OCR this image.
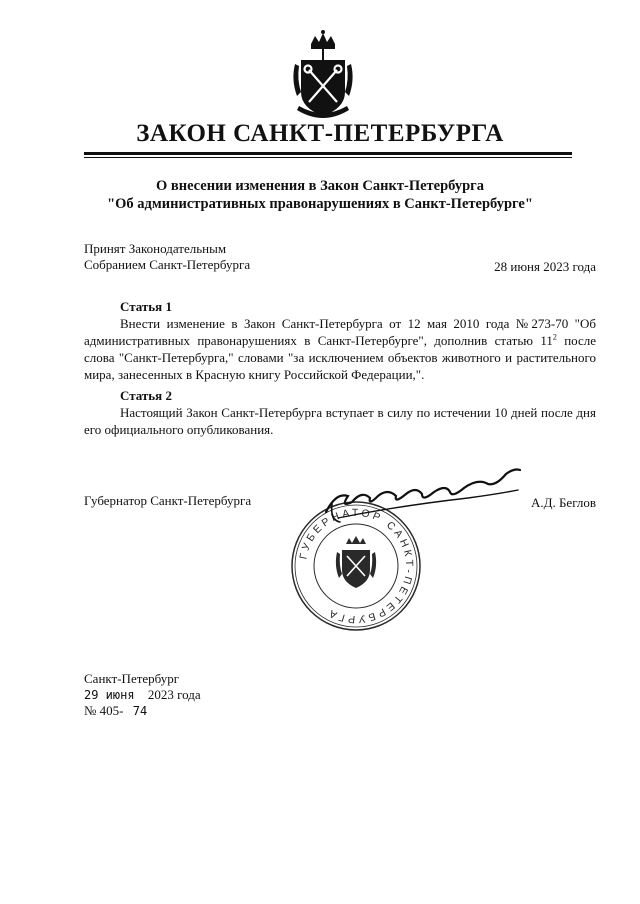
ЗАКОН САНКТ-ПЕТЕРБУРГА
О внесении изменения в Закон Санкт-Петербурга
"Об административных правонарушениях в Санкт-Петербурге"
Принят Законодательным
Собранием Санкт-Петербурга	28 июня 2023 года
Статья 1
Внести изменение в Закон Санкт-Петербурга от 12 мая 2010 года №273-70 "Об административных правонарушениях в Санкт-Петербурге", дополнив статью $11^2$ после слова "Санкт-Петербурга," словами "за исключением объектов животного и растительного мира, занесенных в Красную книгу Российской Федерации,".
Статья 2
Настоящий Закон Санкт-Петербурга вступает в силу по истечении 10 дней после дня его официального опубликования.
Губернатор Санкт-Петербурга	А.Д. Беглов
ГУБЕРНАТОР САНКТ-ПЕТЕРБУРГА
Санкт-Петербург
29 июня 2023 года
№ 405- 74
